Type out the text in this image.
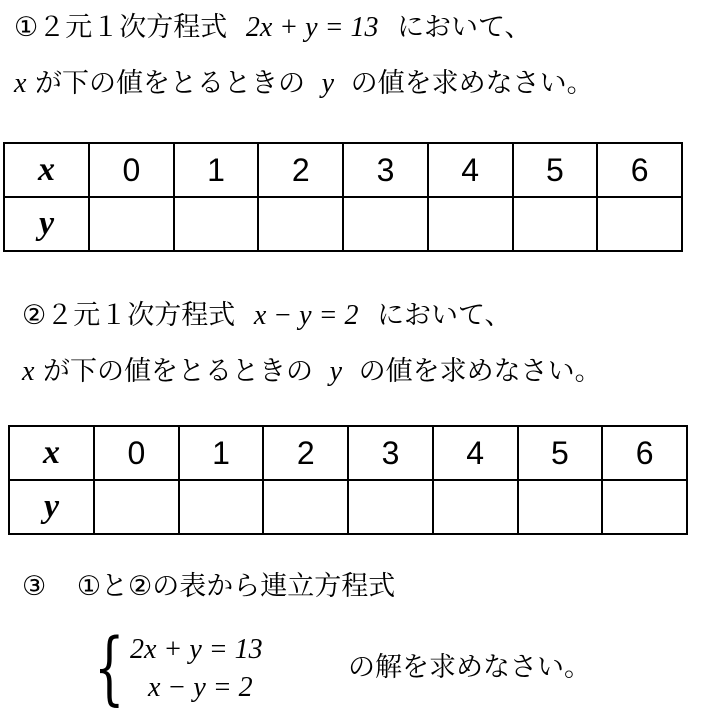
①２元１次方程式 2x + y = 13 において、
x が下の値をとるときの y の値を求めなさい。
x	0	1	2	3	4	5	6
y							
②２元１次方程式 x − y = 2 において、
x が下の値をとるときの y の値を求めなさい。
x	0	1	2	3	4	5	6
y							
③ ①と②の表から連立方程式
{ 2x + y = 13
x − y = 2
の解を求めなさい。
